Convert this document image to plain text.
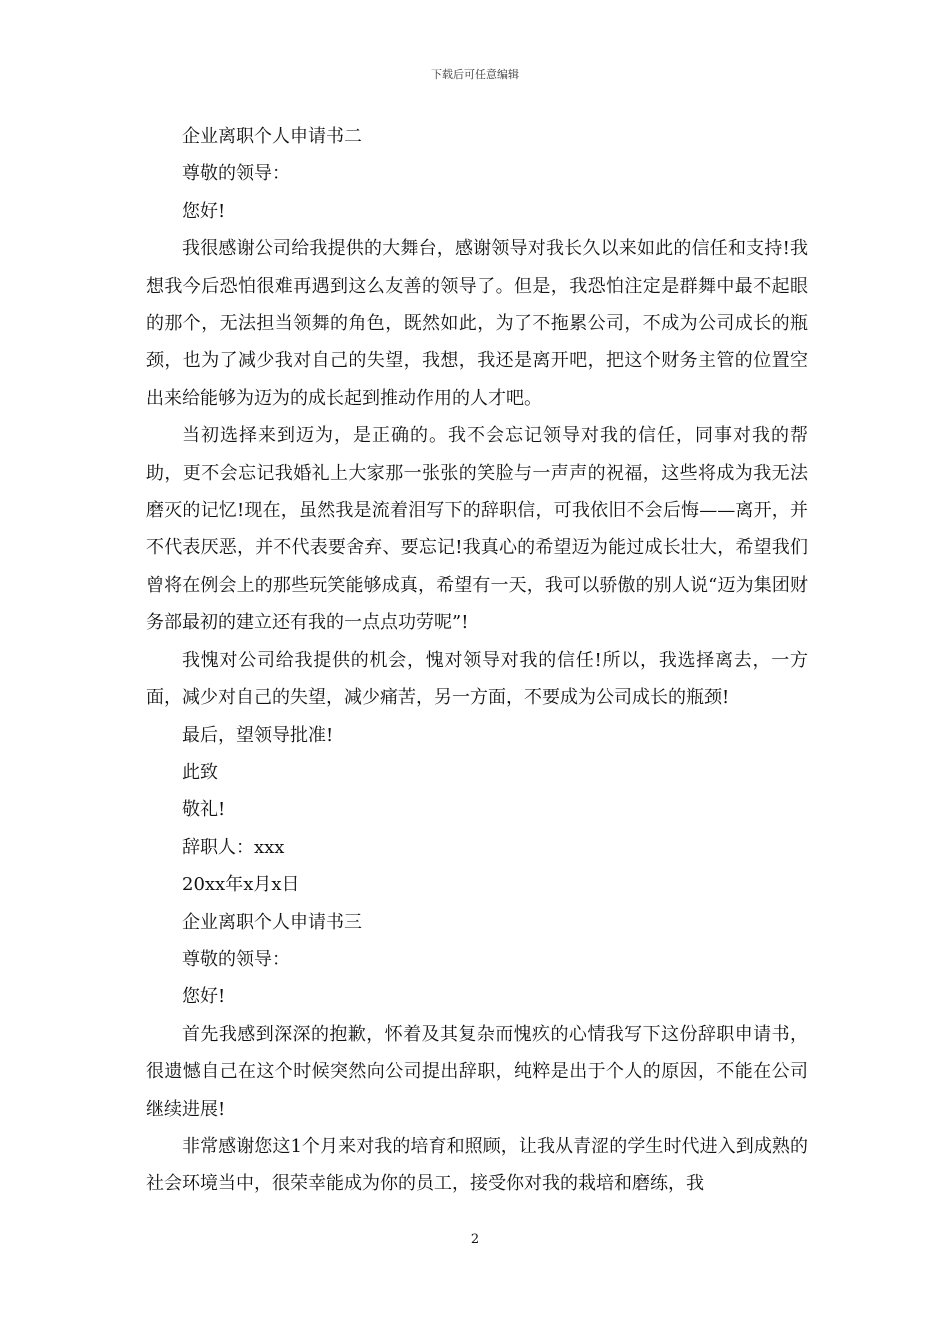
下载后可任意编辑
企业离职个人申请书二
尊敬的领导：
您好!
我很感谢公司给我提供的大舞台，感谢领导对我长久以来如此的信任和支持!我想我今后恐怕很难再遇到这么友善的领导了。但是，我恐怕注定是群舞中最不起眼的那个，无法担当领舞的角色，既然如此，为了不拖累公司，不成为公司成长的瓶颈，也为了减少我对自己的失望，我想，我还是离开吧，把这个财务主管的位置空出来给能够为迈为的成长起到推动作用的人才吧。
当初选择来到迈为，是正确的。我不会忘记领导对我的信任，同事对我的帮助，更不会忘记我婚礼上大家那一张张的笑脸与一声声的祝福，这些将成为我无法磨灭的记忆!现在，虽然我是流着泪写下的辞职信，可我依旧不会后悔——离开，并不代表厌恶，并不代表要舍弃、要忘记!我真心的希望迈为能过成长壮大，希望我们曾将在例会上的那些玩笑能够成真，希望有一天，我可以骄傲的别人说“迈为集团财务部最初的建立还有我的一点点功劳呢”!
我愧对公司给我提供的机会，愧对领导对我的信任!所以，我选择离去，一方面，减少对自己的失望，减少痛苦，另一方面，不要成为公司成长的瓶颈!
最后，望领导批准!
此致
敬礼!
辞职人：xxx
20xx年x月x日
企业离职个人申请书三
尊敬的领导：
您好!
首先我感到深深的抱歉，怀着及其复杂而愧疚的心情我写下这份辞职申请书，很遗憾自己在这个时候突然向公司提出辞职，纯粹是出于个人的原因，不能在公司继续进展!
非常感谢您这1个月来对我的培育和照顾，让我从青涩的学生时代进入到成熟的社会环境当中，很荣幸能成为你的员工，接受你对我的栽培和磨练，我
2
